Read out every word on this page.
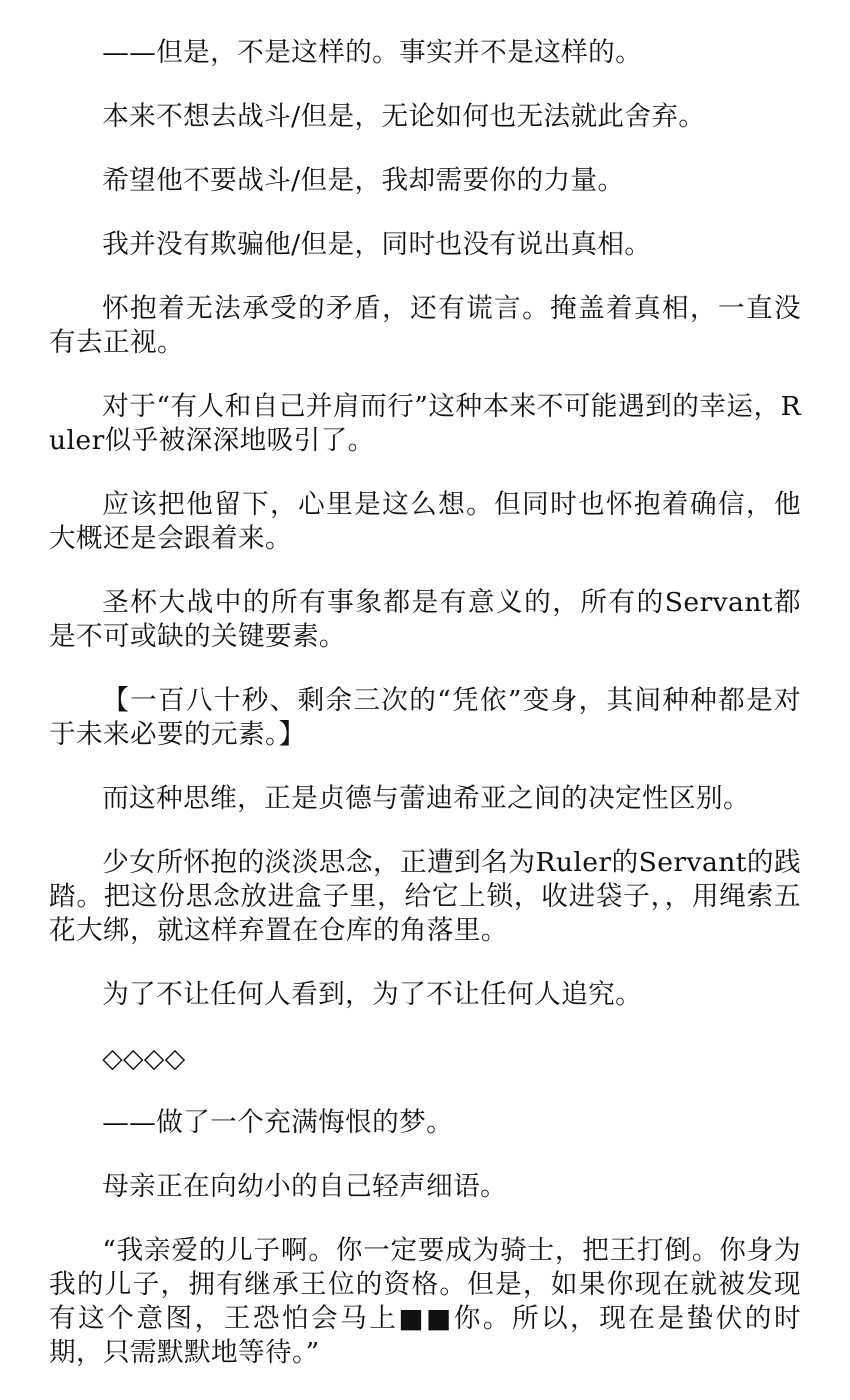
——但是，不是这样的。事实并不是这样的。

本来不想去战斗/但是，无论如何也无法就此舍弃。

希望他不要战斗/但是，我却需要你的力量。

我并没有欺骗他/但是，同时也没有说出真相。

怀抱着无法承受的矛盾，还有谎言。掩盖着真相，一直没有去正视。

对于“有人和自己并肩而行”这种本来不可能遇到的幸运，Ruler似乎被深深地吸引了。

应该把他留下，心里是这么想。但同时也怀抱着确信，他大概还是会跟着来。

圣杯大战中的所有事象都是有意义的，所有的Servant都是不可或缺的关键要素。

【一百八十秒、剩余三次的“凭依”变身，其间种种都是对于未来必要的元素。】

而这种思维，正是贞德与蕾迪希亚之间的决定性区别。

少女所怀抱的淡淡思念，正遭到名为Ruler的Servant的践踏。把这份思念放进盒子里，给它上锁，收进袋子，，用绳索五花大绑，就这样弃置在仓库的角落里。

为了不让任何人看到，为了不让任何人追究。

◇◇◇◇

——做了一个充满悔恨的梦。

母亲正在向幼小的自己轻声细语。

“我亲爱的儿子啊。你一定要成为骑士，把王打倒。你身为我的儿子，拥有继承王位的资格。但是，如果你现在就被发现有这个意图，王恐怕会马上■■你。所以，现在是蛰伏的时期，只需默默地等待。”
